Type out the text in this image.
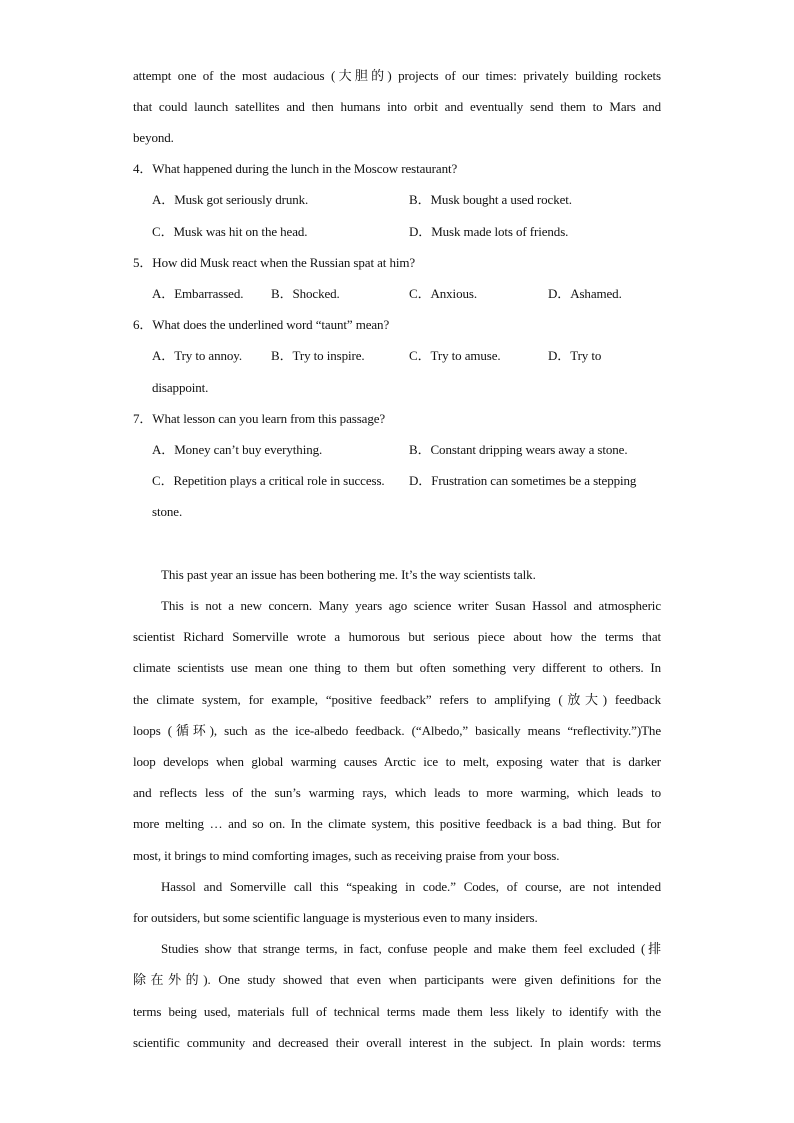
attempt one of the most audacious (大胆的) projects of our times: privately building rockets
that could launch satellites and then humans into orbit and eventually send them to Mars and
beyond.
4．What happened during the lunch in the Moscow restaurant?
A．Musk got seriously drunk.	B．Musk bought a used rocket.
C．Musk was hit on the head.	D．Musk made lots of friends.
5．How did Musk react when the Russian spat at him?
A．Embarrassed. B．Shocked.	C．Anxious.	D．Ashamed.
6．What does the underlined word “taunt” mean?
A．Try to annoy. B．Try to inspire.	C．Try to amuse.	D．Try to
disappoint.
7．What lesson can you learn from this passage?
A．Money can’t buy everything.	B．Constant dripping wears away a stone.
C．Repetition plays a critical role in success. D．Frustration can sometimes be a stepping
stone.
This past year an issue has been bothering me. It’s the way scientists talk.
This is not a new concern. Many years ago science writer Susan Hassol and atmospheric
scientist Richard Somerville wrote a humorous but serious piece about how the terms that
climate scientists use mean one thing to them but often something very different to others. In
the climate system, for example, “positive feedback” refers to amplifying (放大) feedback
loops (循环), such as the ice-albedo feedback. (“Albedo,” basically means “reflectivity.”)The
loop develops when global warming causes Arctic ice to melt, exposing water that is darker
and reflects less of the sun’s warming rays, which leads to more warming, which leads to
more melting … and so on. In the climate system, this positive feedback is a bad thing. But for
most, it brings to mind comforting images, such as receiving praise from your boss.
Hassol and Somerville call this “speaking in code.” Codes, of course, are not intended
for outsiders, but some scientific language is mysterious even to many insiders.
Studies show that strange terms, in fact, confuse people and make them feel excluded (排
除在外的). One study showed that even when participants were given definitions for the
terms being used, materials full of technical terms made them less likely to identify with the
scientific community and decreased their overall interest in the subject. In plain words: terms
